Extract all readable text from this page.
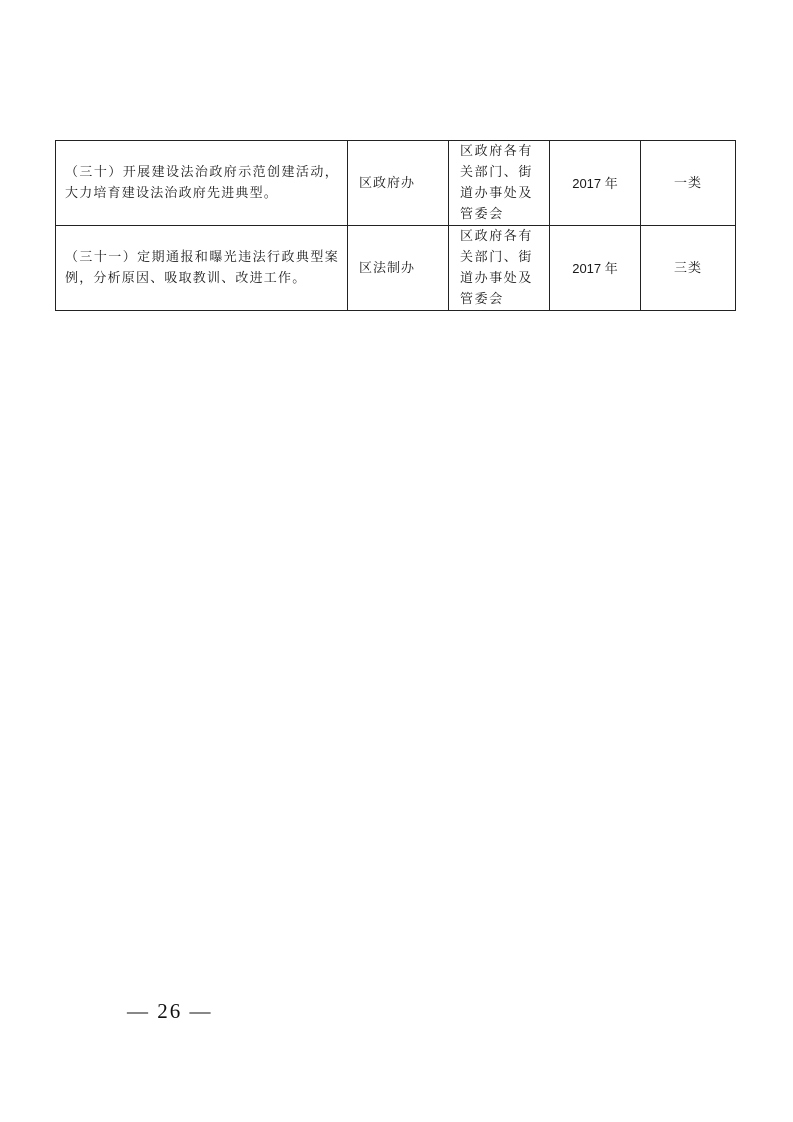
（三十）开展建设法治政府示范创建活动，大力培育建设法治政府先进典型。	区政府办	区政府各有关部门、街道办事处及管委会	2017 年	一类
（三十一）定期通报和曝光违法行政典型案例，分析原因、吸取教训、改进工作。	区法制办	区政府各有关部门、街道办事处及管委会	2017 年	三类
— 26 —
